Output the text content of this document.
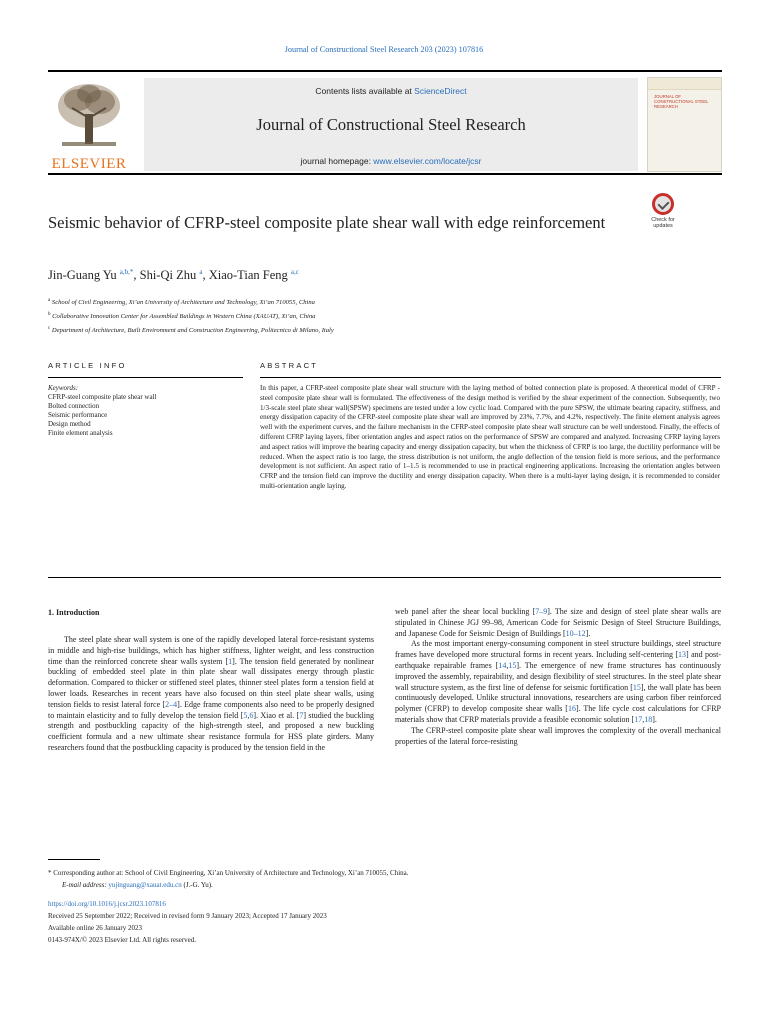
Journal of Constructional Steel Research 203 (2023) 107816
ELSEVIER
Contents lists available at ScienceDirect
Journal of Constructional Steel Research
journal homepage: www.elsevier.com/locate/jcsr
JOURNAL OF CONSTRUCTIONAL STEEL RESEARCH
Seismic behavior of CFRP-steel composite plate shear wall with edge reinforcement	Check for updates
Jin-Guang Yu $^{a,b,*}$, Shi-Qi Zhu $^a$, Xiao-Tian Feng $^{a,c}$
$^a$ School of Civil Engineering, Xi’an University of Architecture and Technology, Xi’an 710055, China
$^b$ Collaborative Innovation Center for Assembled Buildings in Western China (XAUAT), Xi’an, China
$^c$ Department of Architecture, Built Environment and Construction Engineering, Politecnico di Milano, Italy
ARTICLE INFO	ABSTRACT
Keywords:
CFRP-steel composite plate shear wall
Bolted connection
Seismic performance
Design method
Finite element analysis
In this paper, a CFRP-steel composite plate shear wall structure with the laying method of bolted connection plate is proposed. A theoretical model of CFRP - steel composite plate shear wall is formulated. The effectiveness of the design method is verified by the shear experiment of the connection. Subsequently, two 1/3-scale steel plate shear wall(SPSW) specimens are tested under a low cyclic load. Compared with the pure SPSW, the ultimate bearing capacity, stiffness, and energy dissipation capacity of the CFRP-steel composite plate shear wall are improved by 23%, 7.7%, and 4.2%, respectively. The finite element analysis agrees well with the experiment curves, and the failure mechanism in the CFRP-steel composite plate shear wall structure can be well understood. Finally, the effects of different CFRP laying layers, fiber orientation angles and aspect ratios on the performance of SPSW are compared and analyzed. Increasing CFRP laying layers and aspect ratios will improve the bearing capacity and energy dissipation capacity, but when the thickness of CFRP is too large, the ductility performance will be reduced. When the aspect ratio is too large, the stress distribution is not uniform, the angle deflection of the tension field is more serious, and the performance development is not sufficient. An aspect ratio of 1–1.5 is recommended to use in practical engineering applications. Increasing the orientation angles between CFRP and the tension field can improve the ductility and energy dissipation capacity. When there is a multi-layer laying design, it is recommended to consider multi-orientation angle laying.
1. Introduction

The steel plate shear wall system is one of the rapidly developed lateral force-resistant systems in middle and high-rise buildings, which has higher stiffness, lighter weight, and less construction time than the reinforced concrete shear walls system [1]. The tension field generated by nonlinear buckling of embedded steel plate in thin plate shear wall dissipates energy through plastic deformation. Compared to thicker or stiffened steel plates, thinner steel plates form a tension field at lower loads. Researches in recent years have also focused on thin steel plate shear walls, using tension fields to resist lateral force [2–4]. Edge frame components also need to be properly designed to maintain elasticity and to fully develop the tension field [5,6]. Xiao et al. [7] studied the buckling strength and postbuckling capacity of the high-strength steel, and proposed a new buckling coefficient formula and a new ultimate shear resistance formula for HSS plate girders. Many researchers found that the postbuckling capacity is produced by the tension field in the

web panel after the shear local buckling [7–9]. The size and design of steel plate shear walls are stipulated in Chinese JGJ 99–98, American Code for Seismic Design of Steel Structure Buildings, and Japanese Code for Seismic Design of Buildings [10–12].

As the most important energy-consuming component in steel structure buildings, steel structure frames have developed more structural forms in recent years. Including self-centering [13] and post-earthquake repairable frames [14,15]. The emergence of new frame structures has continuously improved the assembly, repairability, and design flexibility of steel structures. In the steel plate shear wall structure system, as the first line of defense for seismic fortification [15], the wall plate has been continuously developed. Unlike structural innovations, researchers are using carbon fiber reinforced polymer (CFRP) to develop composite shear walls [16]. The life cycle cost calculations for CFRP materials show that CFRP materials provide a feasible economic solution [17,18].

The CFRP-steel composite plate shear wall improves the complexity of the overall mechanical properties of the lateral force-resisting

* Corresponding author at: School of Civil Engineering, Xi’an University of Architecture and Technology, Xi’an 710055, China.
E-mail address: yujinguang@xauat.edu.cn (J.-G. Yu).
https://doi.org/10.1016/j.jcsr.2023.107816
Received 25 September 2022; Received in revised form 9 January 2023; Accepted 17 January 2023
Available online 26 January 2023
0143-974X/© 2023 Elsevier Ltd. All rights reserved.
